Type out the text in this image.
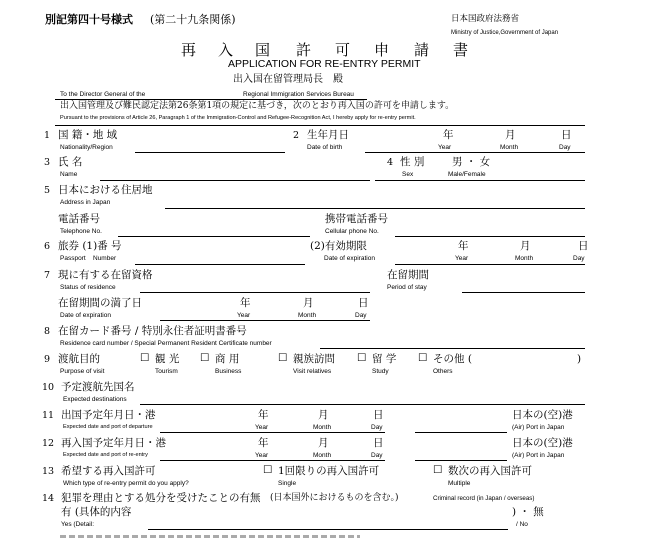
別記第四十号様式 (第二十九条関係)	日本国政府法務省
Ministry of Justice,Government of Japan
再 入 国 許 可 申 請 書
APPLICATION FOR RE-ENTRY PERMIT
出入国在留管理局長　殿
To the Director General of the	Regional Immigration Services Bureau
出入国管理及び難民認定法第26条第1項の規定に基づき，次のとおり再入国の許可を申請します。
Pursuant to the provisions of Article 26, Paragraph 1 of the Immigration-Control and Refugee-Recognition Act, I hereby apply for re-entry permit.
1 国 籍・地 域
Nationality/Region
2 生年月日
Date of birth
年
Year
月
Month
日
Day
3 氏 名
Name
4 性 別
Sex
男 ・ 女
Male/Female
5 日本における住居地
Address in Japan
電話番号
Telephone No.
携帯電話番号
Cellular phone No.
6 旅券 (1)番 号
Passport Number
(2)有効期限
Date of expiration
年
Year
月
Month
日
Day
7 現に有する在留資格
Status of residence
在留期間
Period of stay
在留期間の満了日
Date of expiration
年
Year
月
Month
日
Day
8 在留カード番号 / 特別永住者証明書番号
Residence card number / Special Permanent Resident Certificate number
9 渡航目的
Purpose of visit
☐ 観 光
Tourism
☐ 商 用
Business
☐ 親族訪問
Visit relatives
☐ 留 学
Study
☐ その他 (
Others
)
10 予定渡航先国名
Expected destinations
11 出国予定年月日・港
Expected date and port of departure
年
Year
月
Month
日
Day
日本の(空)港
(Air) Port in Japan
12 再入国予定年月日・港
Expected date and port of re-entry
年
Year
月
Month
日
Day
日本の(空)港
(Air) Port in Japan
13 希望する再入国許可
Which type of re-entry permit do you apply?
☐ 1回限りの再入国許可
Single
☐ 数次の再入国許可
Multiple
14 犯罪を理由とする処分を受けたことの有無 (日本国外におけるものを含む。)	Criminal record (in Japan / overseas)
有 (具体的内容
Yes (Detail:
) ・ 無
/ No
